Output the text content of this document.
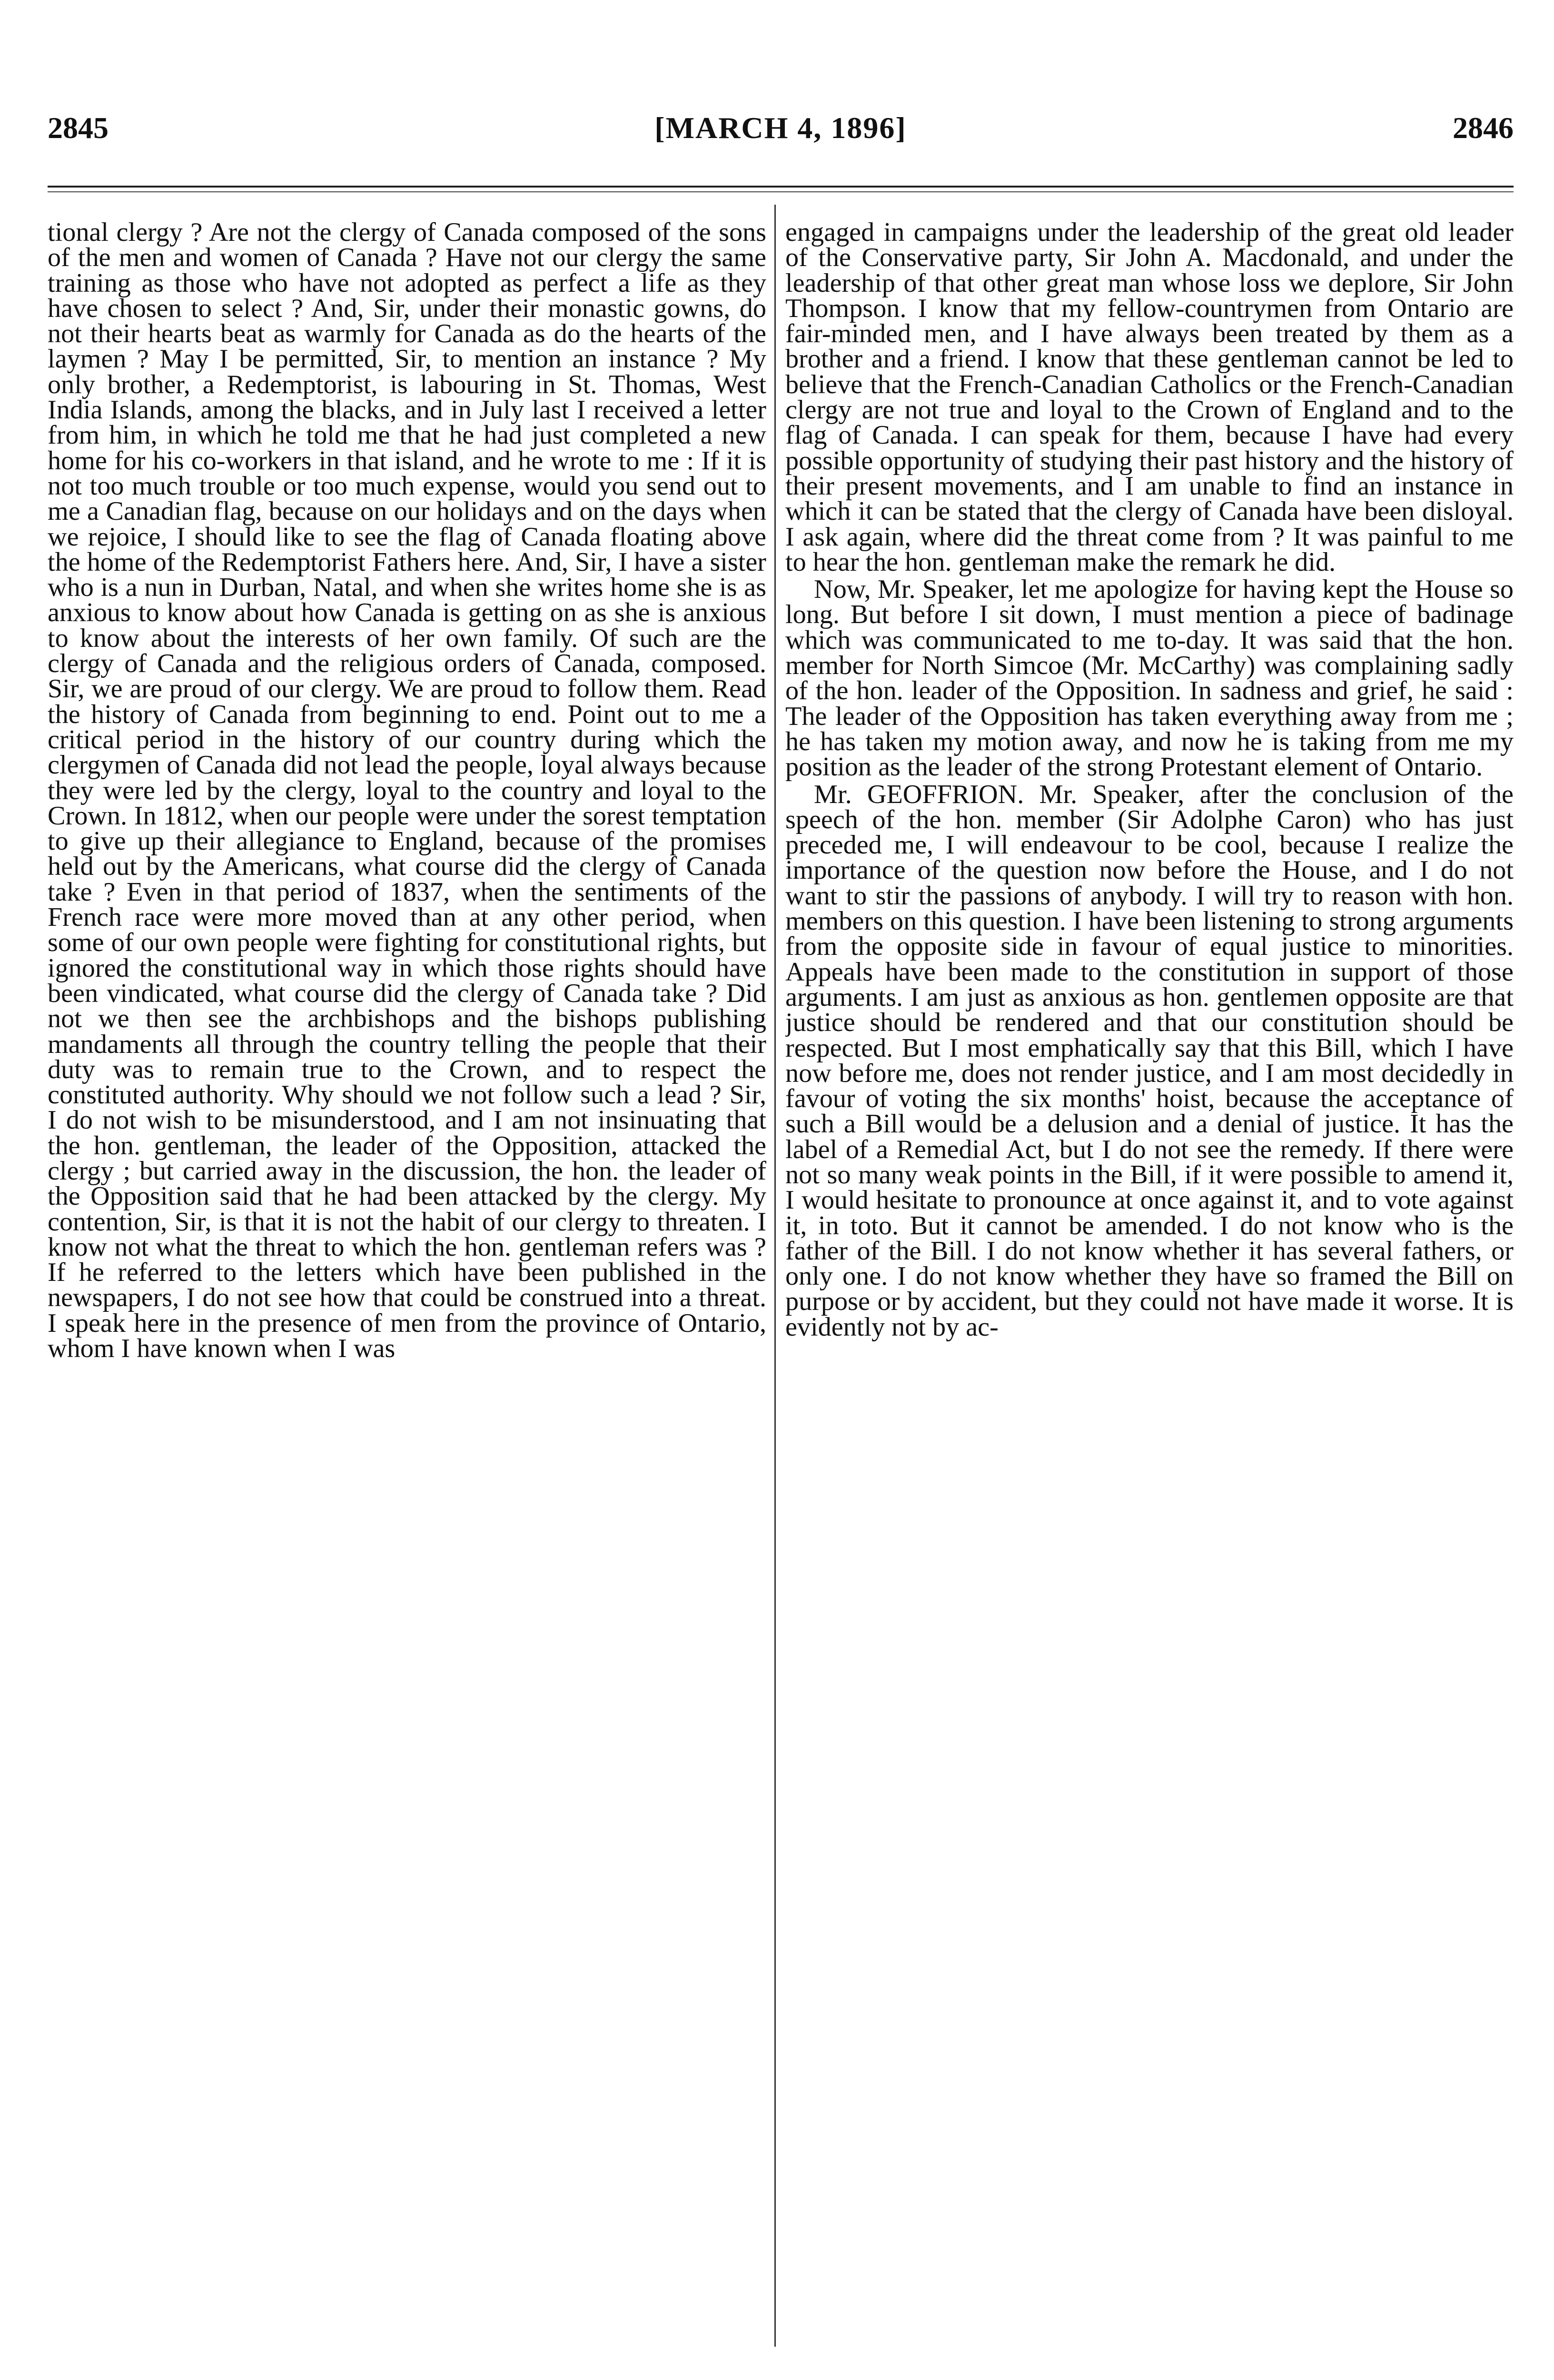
[MARCH 4, 1896]
2845	2846

tional clergy ? Are not the clergy of Canada composed of the sons of the men and women of Canada ? Have not our clergy the same training as those who have not adopted as perfect a life as they have chosen to select ? And, Sir, under their monastic gowns, do not their hearts beat as warmly for Canada as do the hearts of the laymen ? May I be permitted, Sir, to mention an instance ? My only brother, a Redemptorist, is labouring in St. Thomas, West India Islands, among the blacks, and in July last I received a letter from him, in which he told me that he had just completed a new home for his co-workers in that island, and he wrote to me : If it is not too much trouble or too much expense, would you send out to me a Canadian flag, because on our holidays and on the days when we rejoice, I should like to see the flag of Canada floating above the home of the Redemptorist Fathers here. And, Sir, I have a sister who is a nun in Durban, Natal, and when she writes home she is as anxious to know about how Canada is getting on as she is anxious to know about the interests of her own family. Of such are the clergy of Canada and the religious orders of Canada, composed. Sir, we are proud of our clergy. We are proud to follow them. Read the history of Canada from beginning to end. Point out to me a critical period in the history of our country during which the clergymen of Canada did not lead the people, loyal always because they were led by the clergy, loyal to the country and loyal to the Crown. In 1812, when our people were under the sorest temptation to give up their allegiance to England, because of the promises held out by the Americans, what course did the clergy of Canada take ? Even in that period of 1837, when the sentiments of the French race were more moved than at any other period, when some of our own people were fighting for constitutional rights, but ignored the constitutional way in which those rights should have been vindicated, what course did the clergy of Canada take ? Did not we then see the archbishops and the bishops publishing mandaments all through the country telling the people that their duty was to remain true to the Crown, and to respect the constituted authority. Why should we not follow such a lead ? Sir, I do not wish to be misunderstood, and I am not insinuating that the hon. gentleman, the leader of the Opposition, attacked the clergy ; but carried away in the discussion, the hon. the leader of the Opposition said that he had been attacked by the clergy. My contention, Sir, is that it is not the habit of our clergy to threaten. I know not what the threat to which the hon. gentleman refers was ? If he referred to the letters which have been published in the newspapers, I do not see how that could be construed into a threat. I speak here in the presence of men from the province of Ontario, whom I have known when I was

engaged in campaigns under the leadership of the great old leader of the Conservative party, Sir John A. Macdonald, and under the leadership of that other great man whose loss we deplore, Sir John Thompson. I know that my fellow-countrymen from Ontario are fair-minded men, and I have always been treated by them as a brother and a friend. I know that these gentleman cannot be led to believe that the French-Canadian Catholics or the French-Canadian clergy are not true and loyal to the Crown of England and to the flag of Canada. I can speak for them, because I have had every possible opportunity of studying their past history and the history of their present movements, and I am unable to find an instance in which it can be stated that the clergy of Canada have been disloyal. I ask again, where did the threat come from ? It was painful to me to hear the hon. gentleman make the remark he did.

Now, Mr. Speaker, let me apologize for having kept the House so long. But before I sit down, I must mention a piece of badinage which was communicated to me to-day. It was said that the hon. member for North Simcoe (Mr. McCarthy) was complaining sadly of the hon. leader of the Opposition. In sadness and grief, he said : The leader of the Opposition has taken everything away from me ; he has taken my motion away, and now he is taking from me my position as the leader of the strong Protestant element of Ontario.

Mr. GEOFFRION. Mr. Speaker, after the conclusion of the speech of the hon. member (Sir Adolphe Caron) who has just preceded me, I will endeavour to be cool, because I realize the importance of the question now before the House, and I do not want to stir the passions of anybody. I will try to reason with hon. members on this question. I have been listening to strong arguments from the opposite side in favour of equal justice to minorities. Appeals have been made to the constitution in support of those arguments. I am just as anxious as hon. gentlemen opposite are that justice should be rendered and that our constitution should be respected. But I most emphatically say that this Bill, which I have now before me, does not render justice, and I am most decidedly in favour of voting the six months' hoist, because the acceptance of such a Bill would be a delusion and a denial of justice. It has the label of a Remedial Act, but I do not see the remedy. If there were not so many weak points in the Bill, if it were possible to amend it, I would hesitate to pronounce at once against it, and to vote against it, in toto. But it cannot be amended. I do not know who is the father of the Bill. I do not know whether it has several fathers, or only one. I do not know whether they have so framed the Bill on purpose or by accident, but they could not have made it worse. It is evidently not by ac-
